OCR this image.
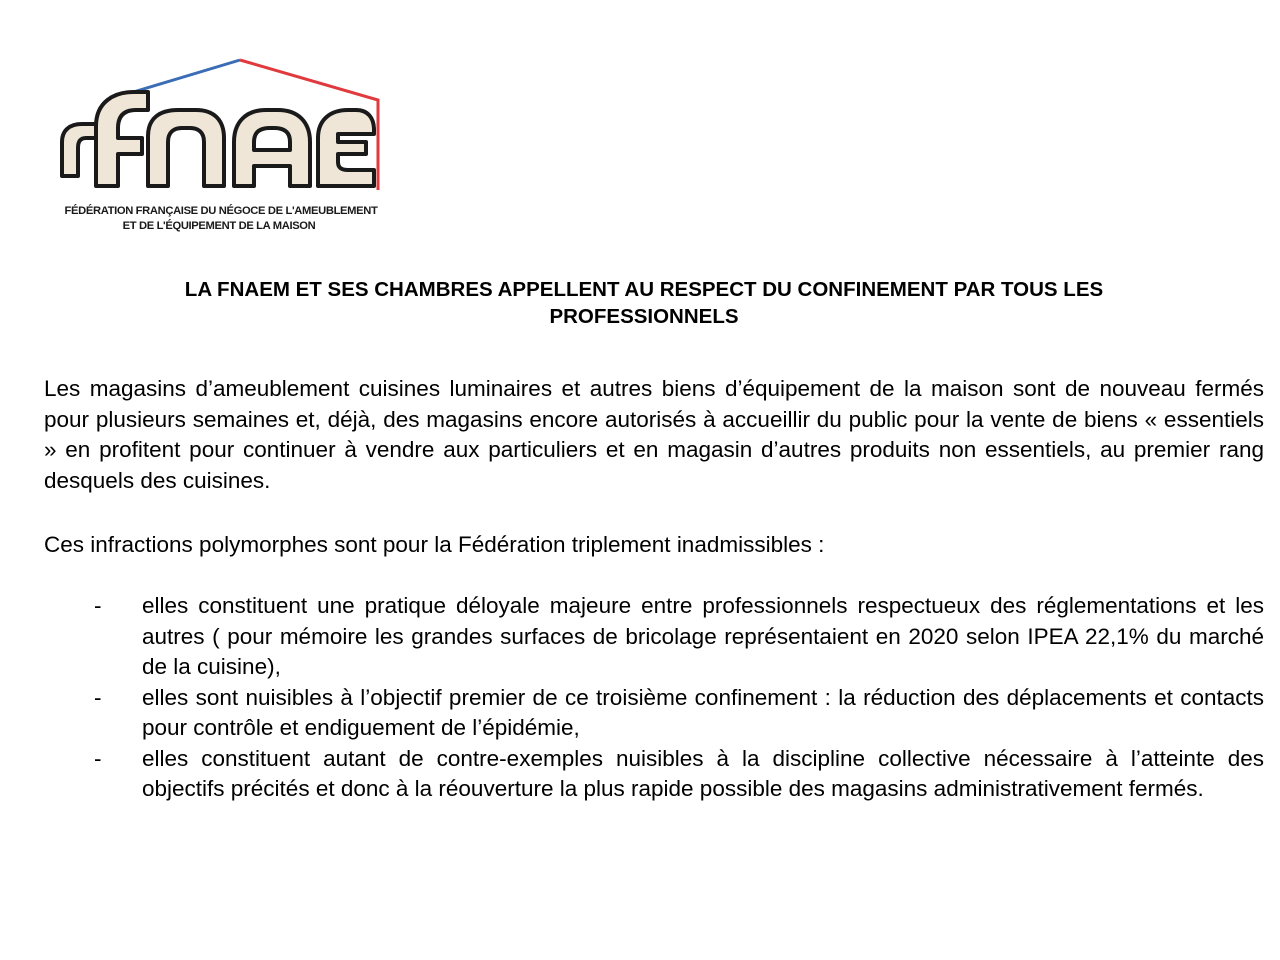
FÉDÉRATION FRANÇAISE DU NÉGOCE DE L'AMEUBLEMENT
ET DE L'ÉQUIPEMENT DE LA MAISON
LA FNAEM ET SES CHAMBRES APPELLENT AU RESPECT DU CONFINEMENT PAR TOUS LES
PROFESSIONNELS

Les magasins d’ameublement cuisines luminaires et autres biens d’équipement de la maison sont de nouveau fermés pour plusieurs semaines et, déjà, des magasins encore autorisés à accueillir du public pour la vente de biens « essentiels » en profitent pour continuer à vendre aux particuliers et en magasin d’autres produits non essentiels, au premier rang desquels des cuisines.

Ces infractions polymorphes sont pour la Fédération triplement inadmissibles :

- elles constituent une pratique déloyale majeure entre professionnels respectueux des réglementations et les autres ( pour mémoire les grandes surfaces de bricolage représentaient en 2020 selon IPEA 22,1% du marché de la cuisine),
- elles sont nuisibles à l’objectif premier de ce troisième confinement : la réduction des déplacements et contacts pour contrôle et endiguement de l’épidémie,
- elles constituent autant de contre-exemples nuisibles à la discipline collective nécessaire à l’atteinte des objectifs précités et donc à la réouverture la plus rapide possible des magasins administrativement fermés.
